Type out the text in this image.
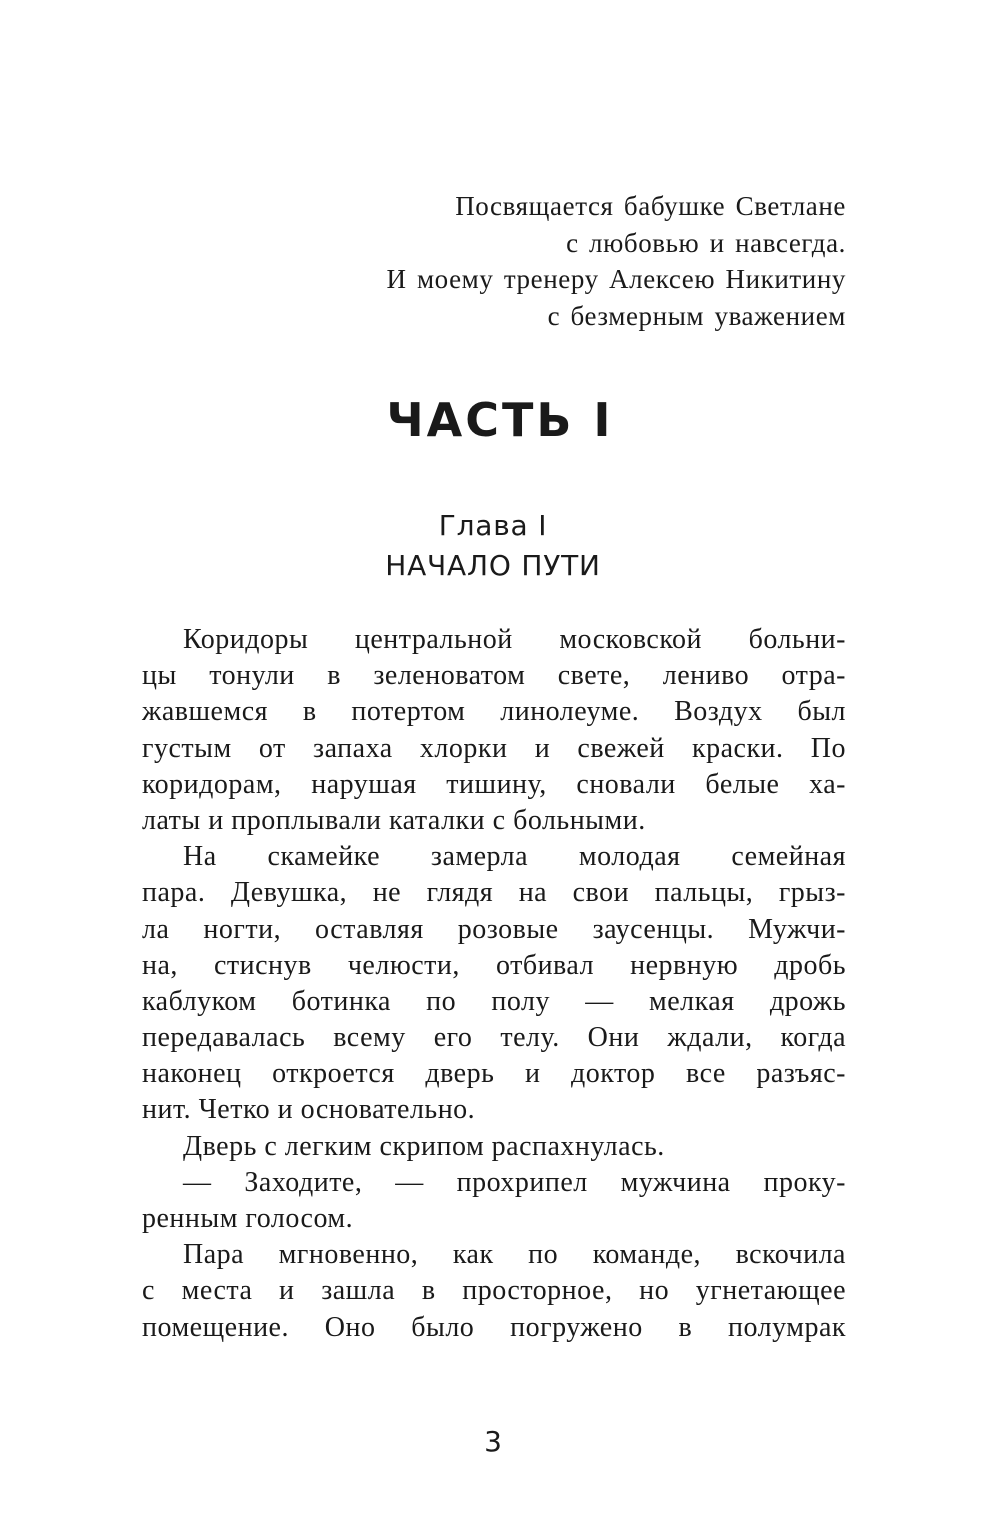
Посвящается бабушке Светлане
с любовью и навсегда.
И моему тренеру Алексею Никитину
с безмерным уважением
ЧАСТЬ I
Глава I
НАЧАЛО ПУТИ
Коридоры центральной московской больни-
цы тонули в зеленоватом свете, лениво отра-
жавшемся в потертом линолеуме. Воздух был
густым от запаха хлорки и свежей краски. По
коридорам, нарушая тишину, сновали белые ха-
латы и проплывали каталки с больными.
На скамейке замерла молодая семейная
пара. Девушка, не глядя на свои пальцы, грыз-
ла ногти, оставляя розовые заусенцы. Мужчи-
на, стиснув челюсти, отбивал нервную дробь
каблуком ботинка по полу — мелкая дрожь
передавалась всему его телу. Они ждали, когда
наконец откроется дверь и доктор все разъяс-
нит. Четко и основательно.
Дверь с легким скрипом распахнулась.
— Заходите, — прохрипел мужчина проку-
ренным голосом.
Пара мгновенно, как по команде, вскочила
с места и зашла в просторное, но угнетающее
помещение. Оно было погружено в полумрак
3
